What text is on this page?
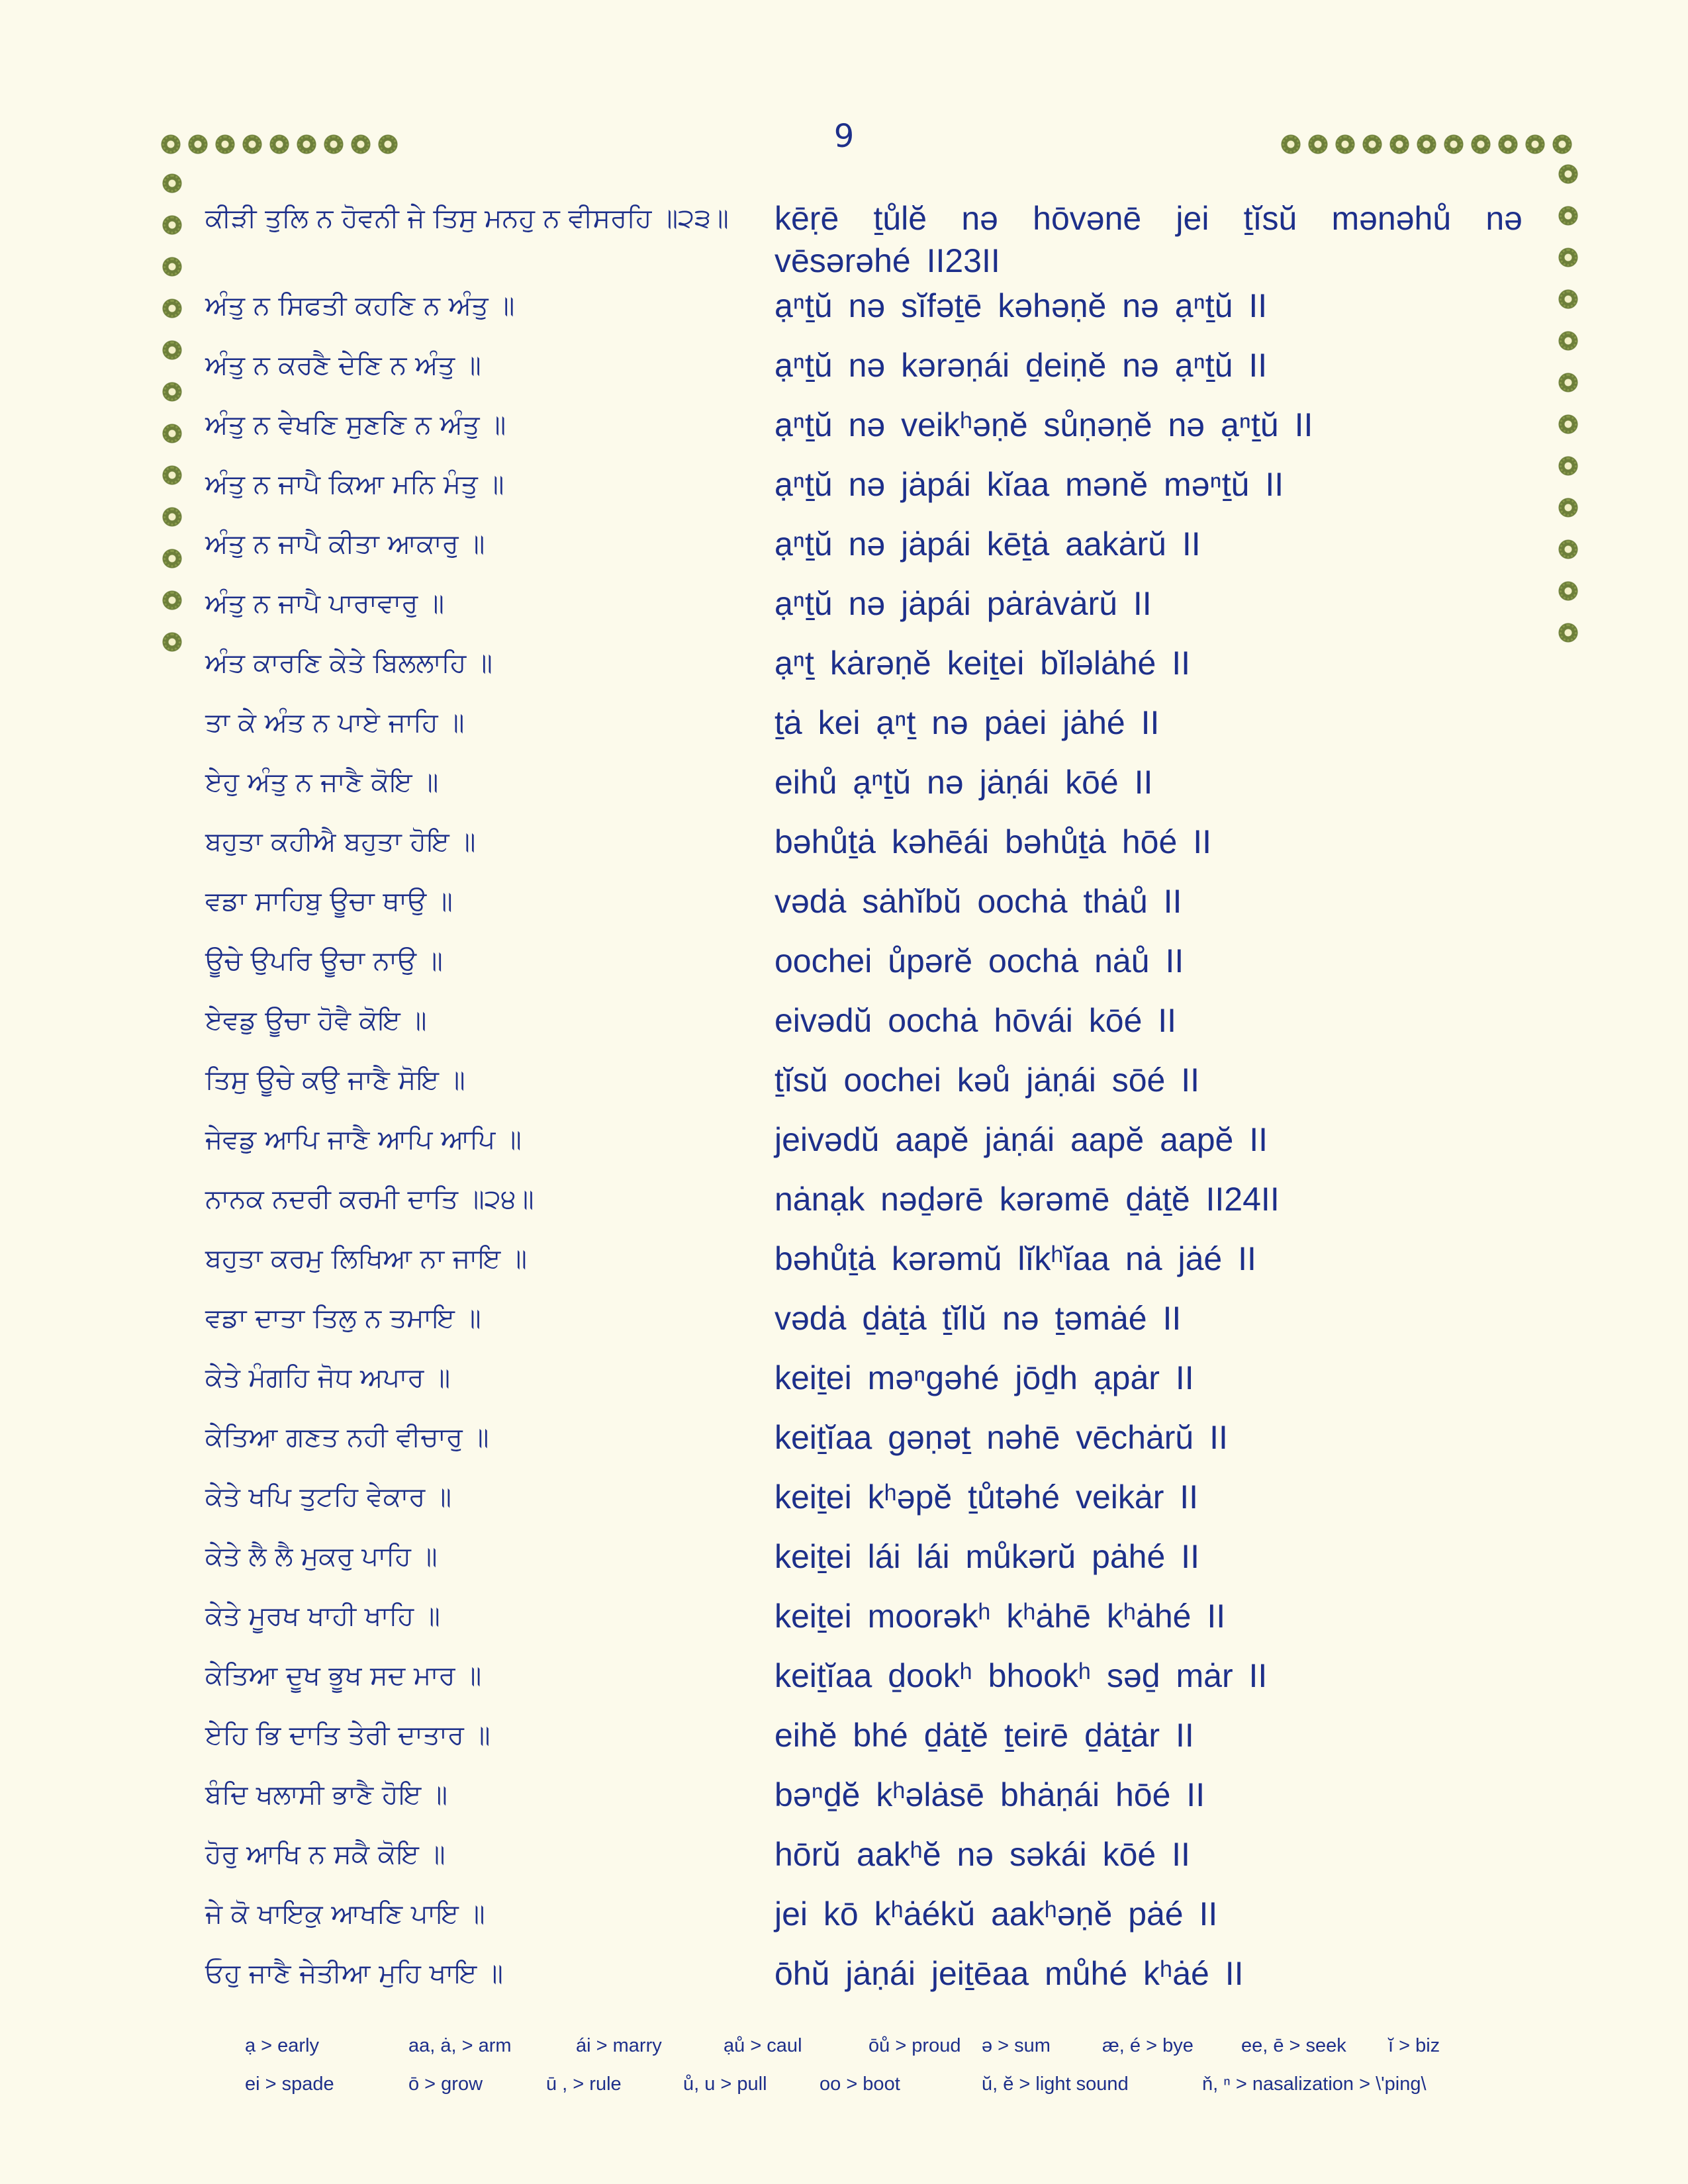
9
ਕੀੜੀ ਤੁਲਿ ਨ ਹੋਵਨੀ ਜੇ ਤਿਸੁ ਮਨਹੁ ਨ ਵੀਸਰਹਿ ॥੨੩॥	kēṛē ṯůlĕ nə hōvənē jei ṯĭsŭ mənəhů nə vēsərəhé II23II
ਅੰਤੁ ਨ ਸਿਫਤੀ ਕਹਣਿ ਨ ਅੰਤੁ ॥	ạⁿṯŭ nə sĭfəṯē kəhəṇĕ nə ạⁿṯŭ II
ਅੰਤੁ ਨ ਕਰਣੈ ਦੇਣਿ ਨ ਅੰਤੁ ॥	ạⁿṯŭ nə kərəṇái ḏeiṇĕ nə ạⁿṯŭ II
ਅੰਤੁ ਨ ਵੇਖਣਿ ਸੁਣਣਿ ਨ ਅੰਤੁ ॥	ạⁿṯŭ nə veikʰəṇĕ sůṇəṇĕ nə ạⁿṯŭ II
ਅੰਤੁ ਨ ਜਾਪੈ ਕਿਆ ਮਨਿ ਮੰਤੁ ॥	ạⁿṯŭ nə jȧpái kĭaa mənĕ məⁿṯŭ II
ਅੰਤੁ ਨ ਜਾਪੈ ਕੀਤਾ ਆਕਾਰੁ ॥	ạⁿṯŭ nə jȧpái kēṯȧ aakȧrŭ II
ਅੰਤੁ ਨ ਜਾਪੈ ਪਾਰਾਵਾਰੁ ॥	ạⁿṯŭ nə jȧpái pȧrȧvȧrŭ II
ਅੰਤ ਕਾਰਣਿ ਕੇਤੇ ਬਿਲਲਾਹਿ ॥	ạⁿṯ kȧrəṇĕ keiṯei bĭləlȧhé II
ਤਾ ਕੇ ਅੰਤ ਨ ਪਾਏ ਜਾਹਿ ॥	ṯȧ kei ạⁿṯ nə pȧei jȧhé II
ਏਹੁ ਅੰਤੁ ਨ ਜਾਣੈ ਕੋਇ ॥	eihů ạⁿṯŭ nə jȧṇái kōé II
ਬਹੁਤਾ ਕਹੀਐ ਬਹੁਤਾ ਹੋਇ ॥	bəhůṯȧ kəhēái bəhůṯȧ hōé II
ਵਡਾ ਸਾਹਿਬੁ ਊਚਾ ਥਾਉ ॥	vədȧ sȧhĭbŭ oochȧ thȧů II
ਊਚੇ ਉਪਰਿ ਊਚਾ ਨਾਉ ॥	oochei ůpərĕ oochȧ nȧů II
ਏਵਡੁ ਊਚਾ ਹੋਵੈ ਕੋਇ ॥	eivədŭ oochȧ hōvái kōé II
ਤਿਸੁ ਊਚੇ ਕਉ ਜਾਣੈ ਸੋਇ ॥	ṯĭsŭ oochei kəů jȧṇái sōé II
ਜੇਵਡੁ ਆਪਿ ਜਾਣੈ ਆਪਿ ਆਪਿ ॥	jeivədŭ aapĕ jȧṇái aapĕ aapĕ II
ਨਾਨਕ ਨਦਰੀ ਕਰਮੀ ਦਾਤਿ ॥੨੪॥	nȧnạk nəḏərē kərəmē ḏȧṯĕ II24II
ਬਹੁਤਾ ਕਰਮੁ ਲਿਖਿਆ ਨਾ ਜਾਇ ॥	bəhůṯȧ kərəmŭ lĭkʰĭaa nȧ jȧé II
ਵਡਾ ਦਾਤਾ ਤਿਲੁ ਨ ਤਮਾਇ ॥	vədȧ ḏȧṯȧ ṯĭlŭ nə ṯəmȧé II
ਕੇਤੇ ਮੰਗਹਿ ਜੋਧ ਅਪਾਰ ॥	keiṯei məⁿgəhé jōḏh ạpȧr II
ਕੇਤਿਆ ਗਣਤ ਨਹੀ ਵੀਚਾਰੁ ॥	keiṯĭaa gəṇəṯ nəhē vēchȧrŭ II
ਕੇਤੇ ਖਪਿ ਤੁਟਹਿ ਵੇਕਾਰ ॥	keiṯei kʰəpĕ ṯůtəhé veikȧr II
ਕੇਤੇ ਲੈ ਲੈ ਮੁਕਰੁ ਪਾਹਿ ॥	keiṯei lái lái můkərŭ pȧhé II
ਕੇਤੇ ਮੂਰਖ ਖਾਹੀ ਖਾਹਿ ॥	keiṯei moorəkʰ kʰȧhē kʰȧhé II
ਕੇਤਿਆ ਦੂਖ ਭੂਖ ਸਦ ਮਾਰ ॥	keiṯĭaa ḏookʰ bhookʰ səḏ mȧr II
ਏਹਿ ਭਿ ਦਾਤਿ ਤੇਰੀ ਦਾਤਾਰ ॥	eihĕ bhé ḏȧṯĕ ṯeirē ḏȧṯȧr II
ਬੰਦਿ ਖਲਾਸੀ ਭਾਣੈ ਹੋਇ ॥	bəⁿḏĕ kʰəlȧsē bhȧṇái hōé II
ਹੋਰੁ ਆਖਿ ਨ ਸਕੈ ਕੋਇ ॥	hōrŭ aakʰĕ nə səkái kōé II
ਜੇ ਕੋ ਖਾਇਕੁ ਆਖਣਿ ਪਾਇ ॥	jei kō kʰȧékŭ aakʰəṇĕ pȧé II
ਓਹੁ ਜਾਣੈ ਜੇਤੀਆ ਮੁਹਿ ਖਾਇ ॥	ōhŭ jȧṇái jeiṯēaa můhé kʰȧé II
ạ > early	aa, ȧ, > arm	ái > marry	ạů > caul	ōů > proud ə > sum	æ, é > bye ee, ē > seek ĭ > biz
ei > spade	ō > grow	ū , > rule	ů, u > pull	oo > boot	ŭ, ĕ > light sound	ň, ⁿ > nasalization > \'ping\
